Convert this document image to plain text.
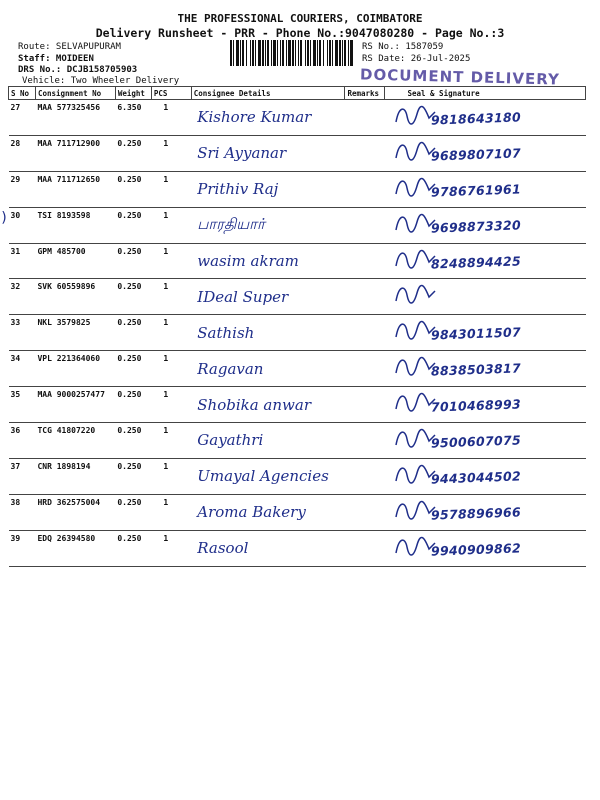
THE PROFESSIONAL COURIERS, COIMBATORE
Delivery Runsheet - PRR - Phone No.:9047080280 - Page No.:3
Route: SELVAPUPURAM
Staff: MOIDEEN
DRS No.: DCJB158705903
Vehicle: Two Wheeler Delivery
RS No.: 1587059
RS Date: 26-Jul-2025
DOCUMENT DELIVERY
)
S No	Consignment No	Weight	PCS	Consignee Details	Remarks	Seal & Signature
27	MAA 577325456	6.350	1	Kishore Kumar		9818643180

28	MAA 711712900	0.250	1	Sri Ayyanar		9689807107

29	MAA 711712650	0.250	1	Prithiv Raj		9786761961

30	TSI 8193598	0.250	1	பாரதியார்		9698873320

31	GPM 485700	0.250	1	wasim akram		8248894425

32	SVK 60559896	0.250	1	IDeal Super		

33	NKL 3579825	0.250	1	Sathish		9843011507

34	VPL 221364060	0.250	1	Ragavan		8838503817

35	MAA 9000257477	0.250	1	Shobika anwar		7010468993

36	TCG 41807220	0.250	1	Gayathri		9500607075

37	CNR 1898194	0.250	1	Umayal Agencies		9443044502

38	HRD 362575004	0.250	1	Aroma Bakery		9578896966

39	EDQ 26394580	0.250	1	Rasool		9940909862
